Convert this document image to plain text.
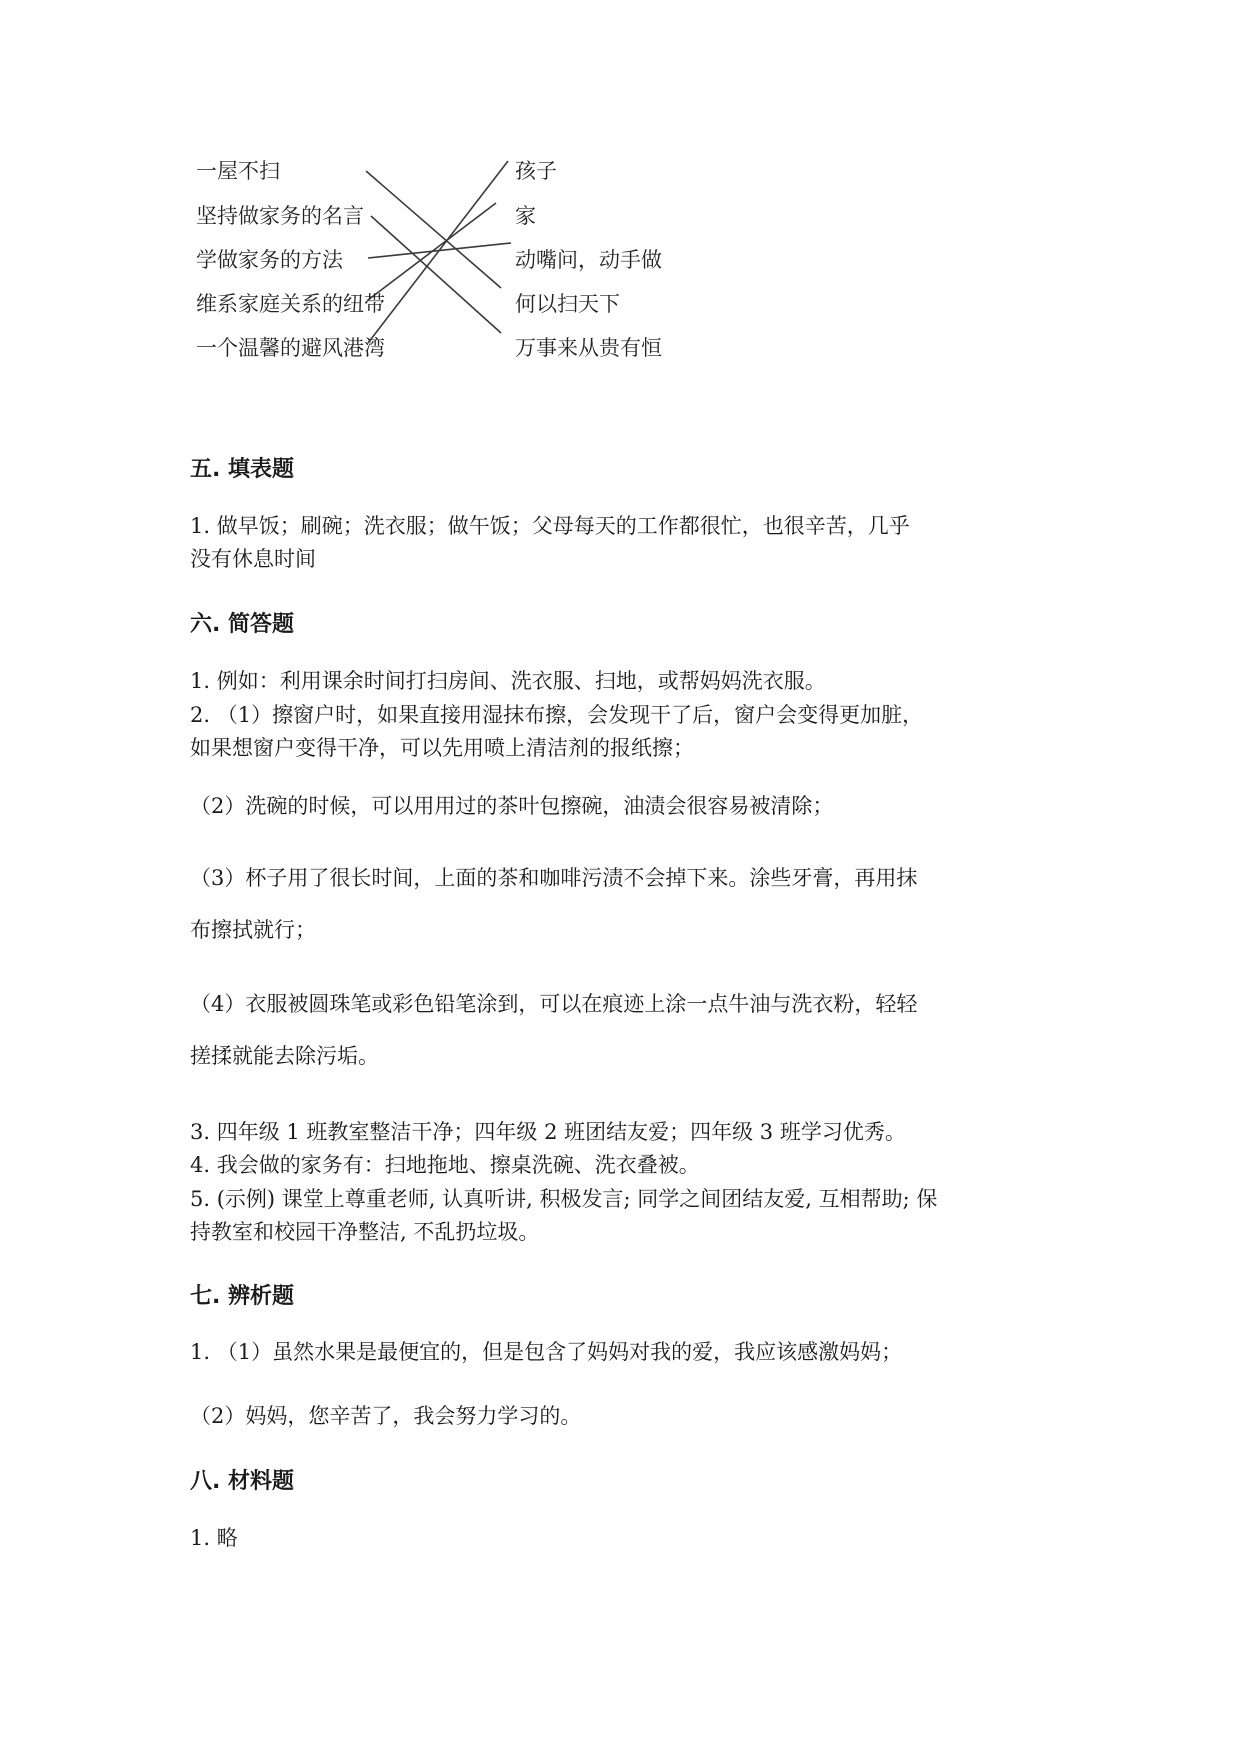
一屋不扫
坚持做家务的名言
学做家务的方法
维系家庭关系的纽带
一个温馨的避风港湾
孩子
家
动嘴问，动手做
何以扫天下
万事来从贵有恒
五. 填表题
1. 做早饭；刷碗；洗衣服；做午饭；父母每天的工作都很忙，也很辛苦，几乎
没有休息时间
六. 简答题
1. 例如：利用课余时间打扫房间、洗衣服、扫地，或帮妈妈洗衣服。
2. （1）擦窗户时，如果直接用湿抹布擦，会发现干了后，窗户会变得更加脏，
如果想窗户变得干净，可以先用喷上清洁剂的报纸擦；
（2）洗碗的时候，可以用用过的茶叶包擦碗，油渍会很容易被清除；
（3）杯子用了很长时间，上面的茶和咖啡污渍不会掉下来。涂些牙膏，再用抹
布擦拭就行；
（4）衣服被圆珠笔或彩色铅笔涂到，可以在痕迹上涂一点牛油与洗衣粉，轻轻
搓揉就能去除污垢。
3. 四年级 1 班教室整洁干净；四年级 2 班团结友爱；四年级 3 班学习优秀。
4. 我会做的家务有：扫地拖地、擦桌洗碗、洗衣叠被。
5. (示例) 课堂上尊重老师, 认真听讲, 积极发言; 同学之间团结友爱, 互相帮助; 保
持教室和校园干净整洁, 不乱扔垃圾。
七. 辨析题
1. （1）虽然水果是最便宜的，但是包含了妈妈对我的爱，我应该感激妈妈；
（2）妈妈，您辛苦了，我会努力学习的。
八. 材料题
1. 略
